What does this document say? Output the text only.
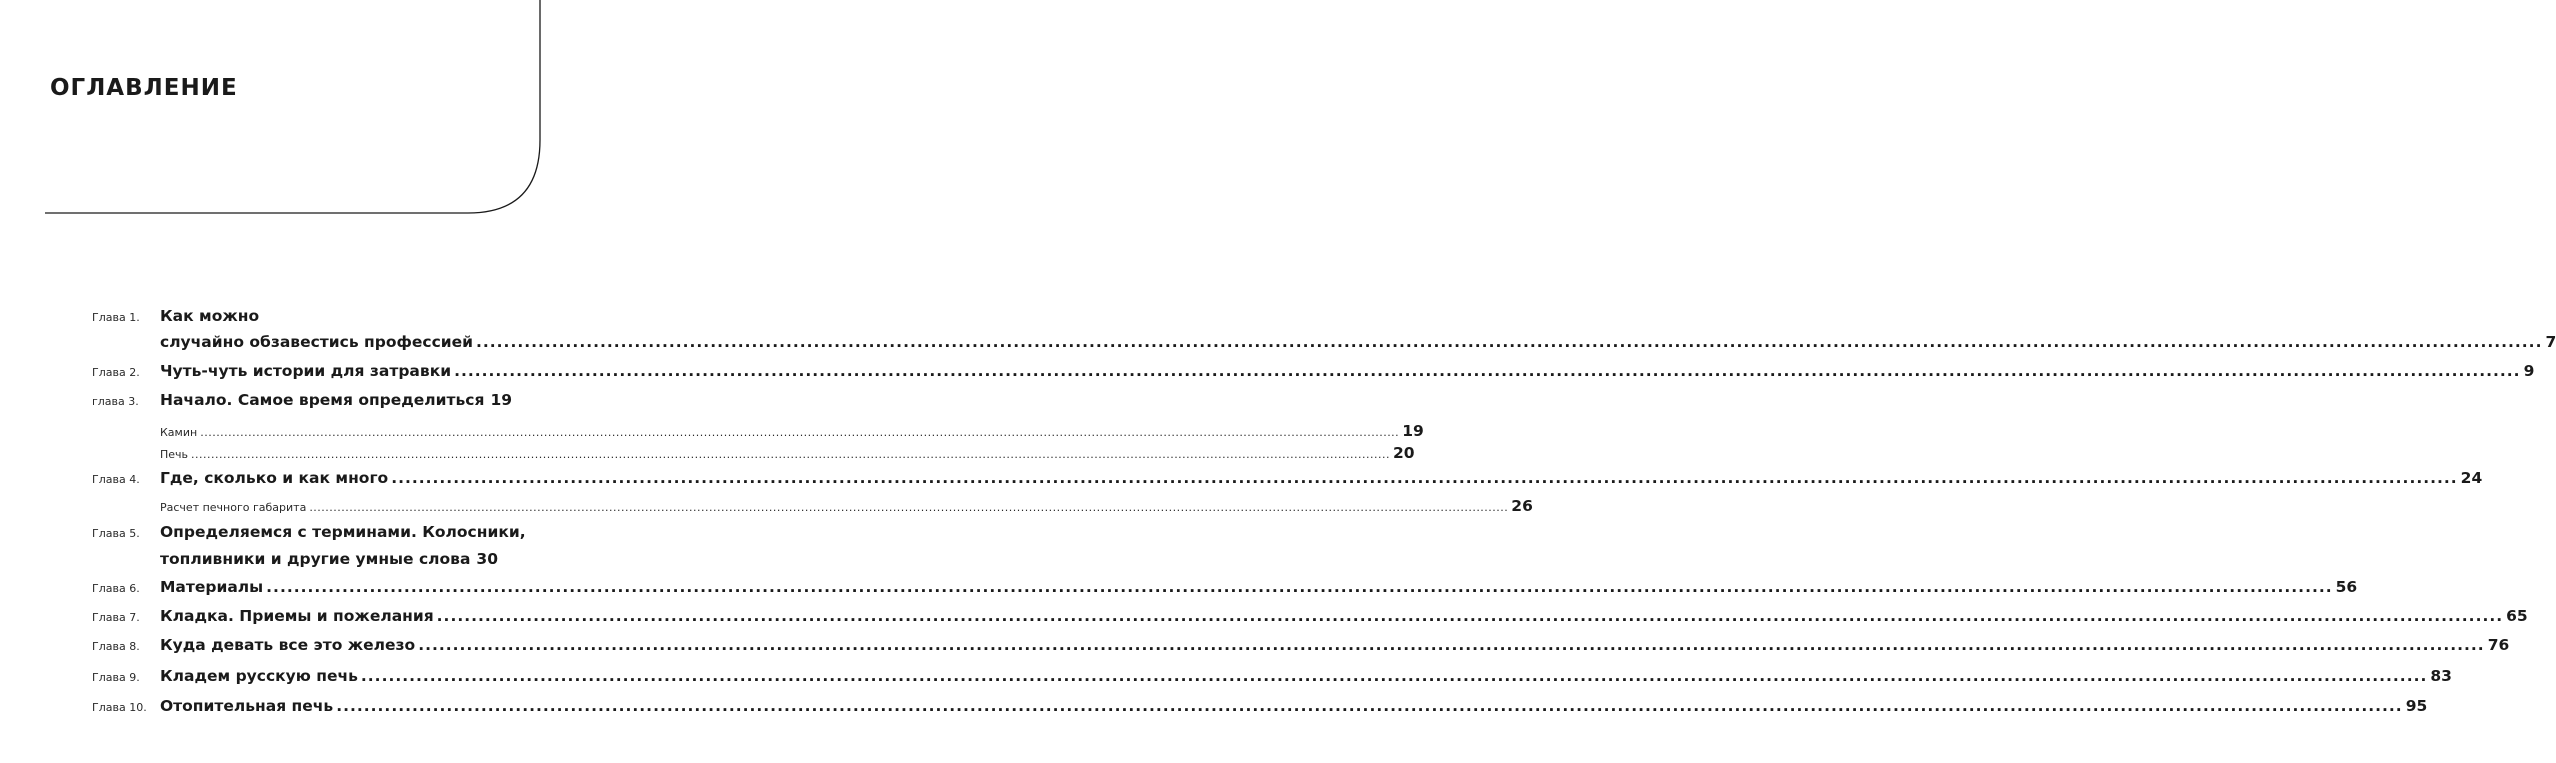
ОГЛАВЛЕНИЕ
Глава 1. Как можно
случайно обзавестись профессией ............................................................................................................................................................................................................................................................................................................ 7
Глава 2. Чуть-чуть истории для затравки ............................................................................................................................................................................................................................................................................................................ 9
глава 3. Начало. Самое время определиться 19
Камин ............................................................................................................................................................................................................................................................................................................ 19
Печь ............................................................................................................................................................................................................................................................................................................ 20
Глава 4. Где, сколько и как много ............................................................................................................................................................................................................................................................................................................ 24
Расчет печного габарита ............................................................................................................................................................................................................................................................................................................ 26
Глава 5. Определяемся с терминами. Колосники,
топливники и другие умные слова 30
Глава 6. Материалы ............................................................................................................................................................................................................................................................................................................ 56
Глава 7. Кладка. Приемы и пожелания ............................................................................................................................................................................................................................................................................................................ 65
Глава 8. Куда девать все это железо ............................................................................................................................................................................................................................................................................................................ 76
Глава 9. Кладем русскую печь ............................................................................................................................................................................................................................................................................................................ 83
Глава 10. Отопительная печь ............................................................................................................................................................................................................................................................................................................ 95
